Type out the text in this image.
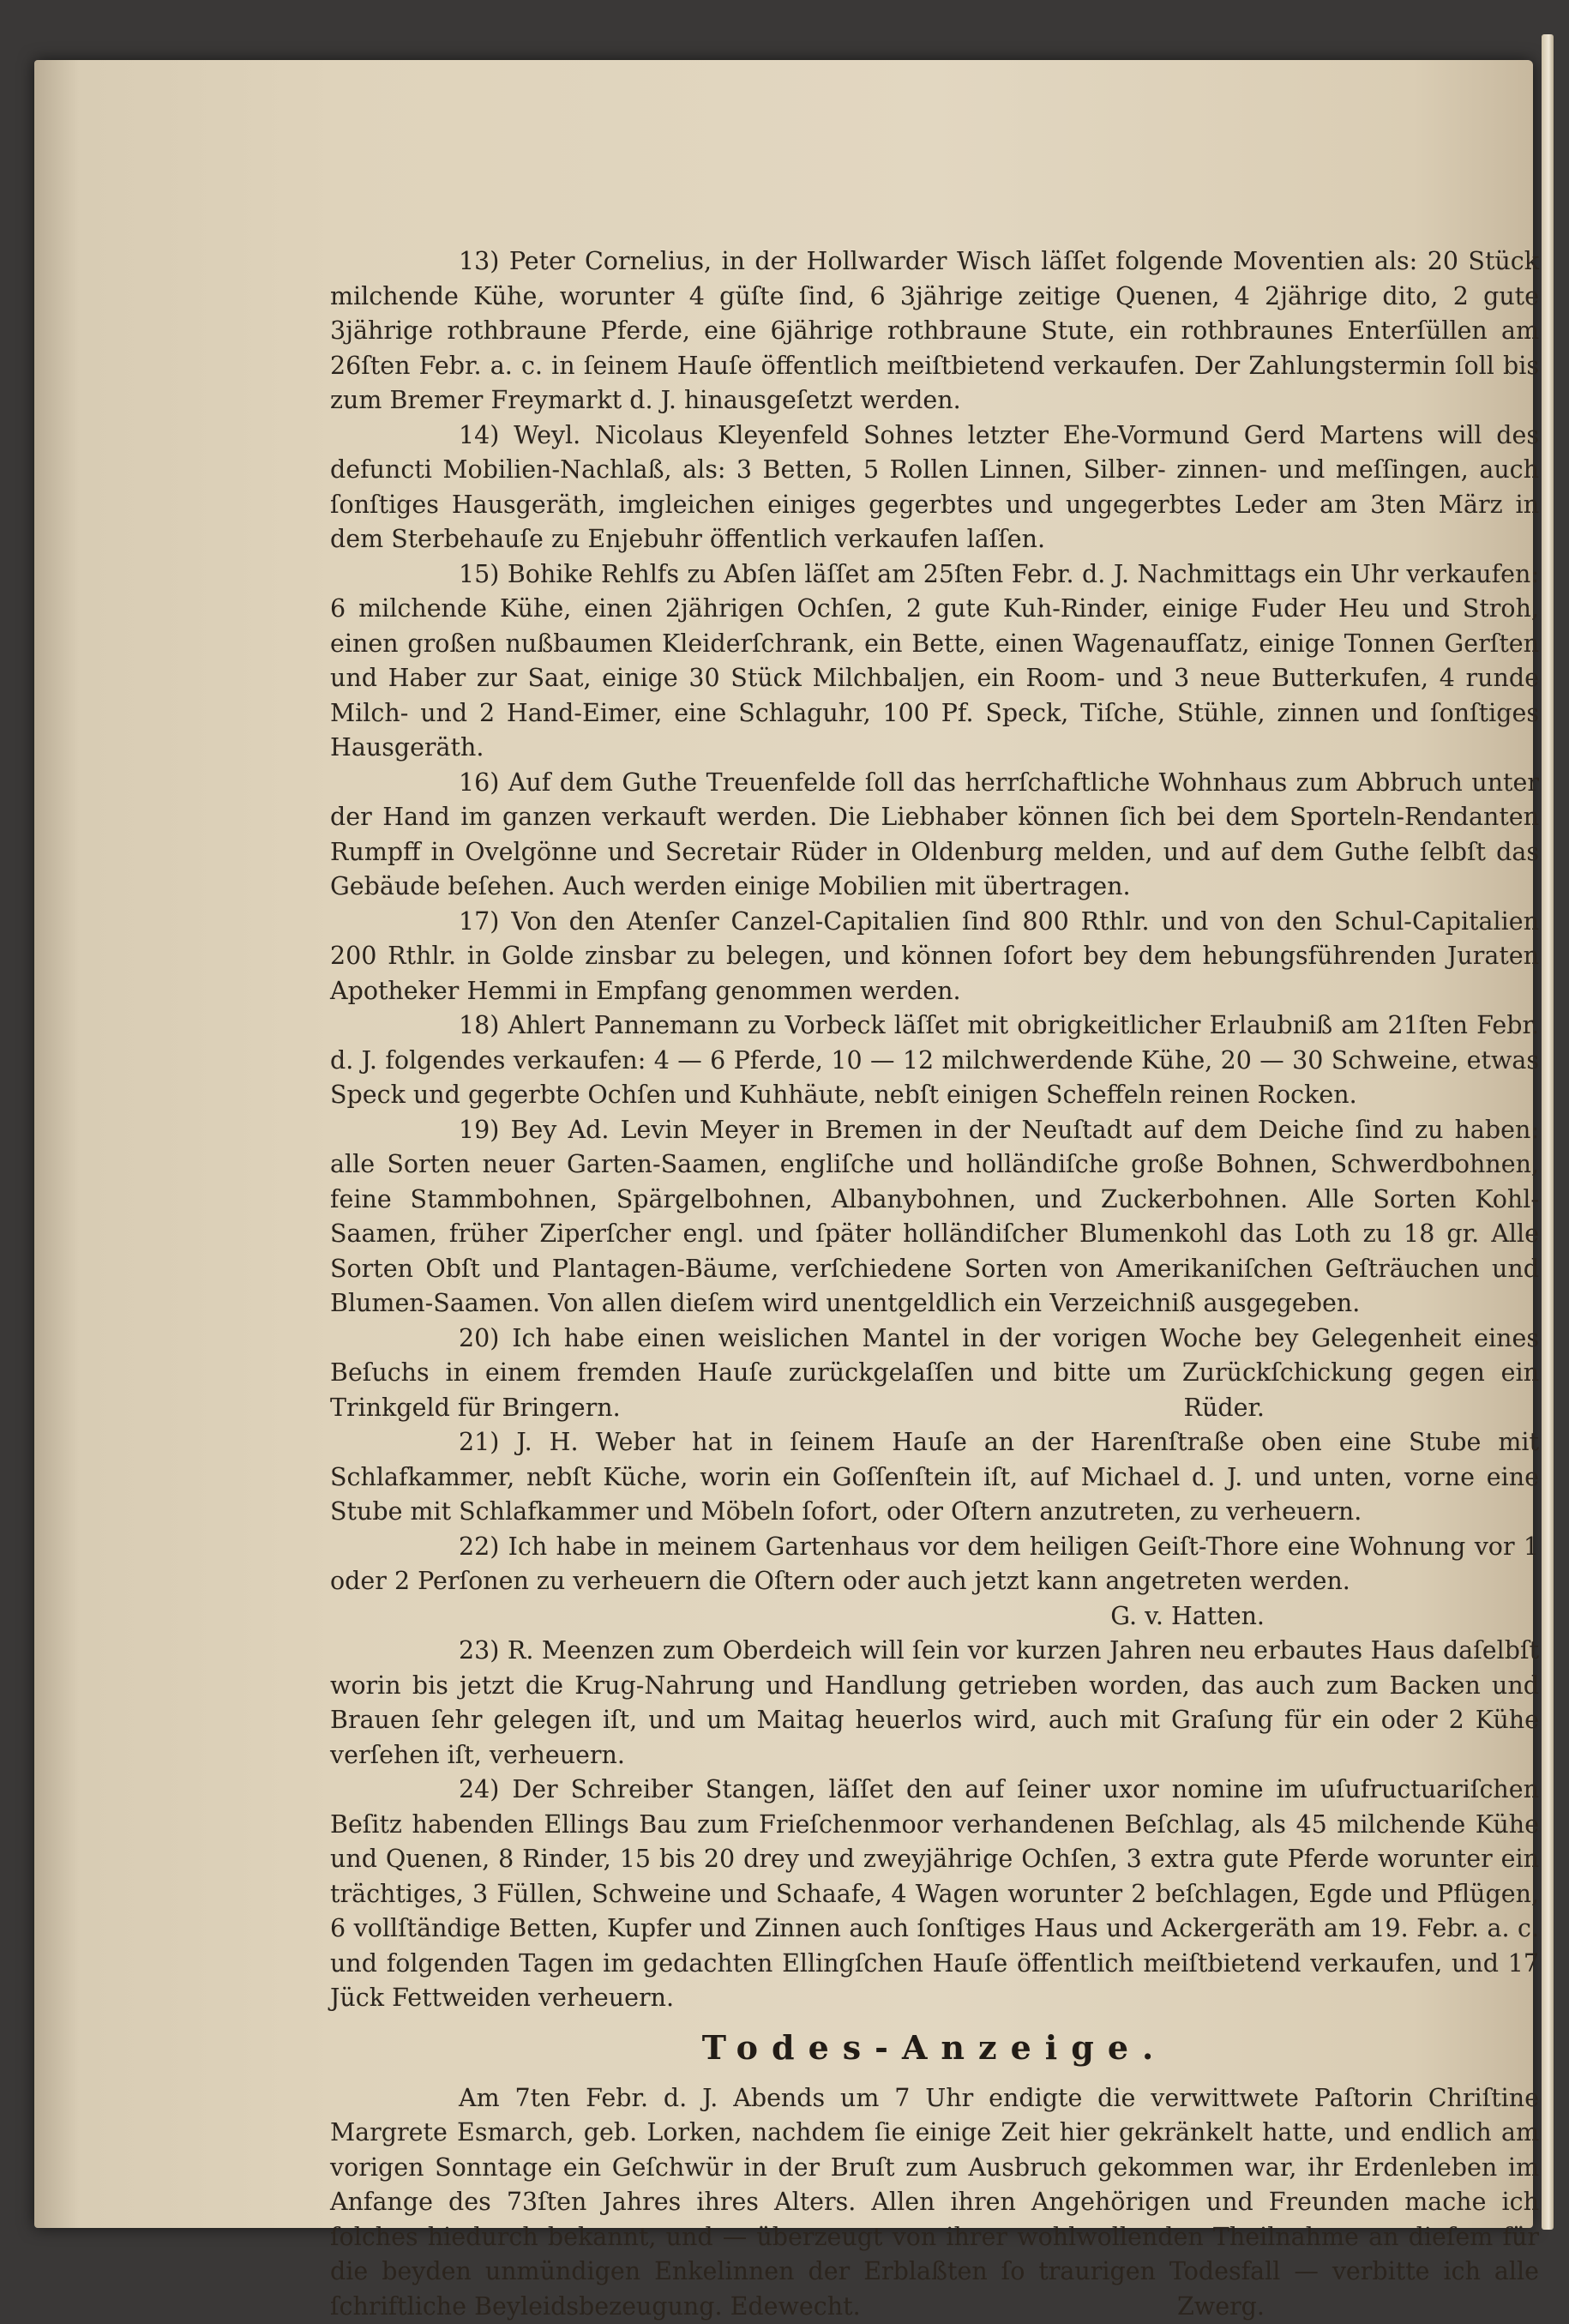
13) Peter Cornelius, in der Hollwarder Wisch läſſet folgende Moventien als: 20 Stück milchende Kühe, worunter 4 güſte ſind, 6 3jährige zeitige Quenen, 4 2jährige dito, 2 gute 3jährige rothbraune Pferde, eine 6jährige rothbraune Stute, ein rothbraunes Enterſüllen am 26ſten Febr. a. c. in ſeinem Hauſe öffentlich meiſtbietend verkaufen. Der Zahlungstermin ſoll bis zum Bremer Freymarkt d. J. hinausgeſetzt werden.

14) Weyl. Nicolaus Kleyenfeld Sohnes letzter Ehe-Vormund Gerd Martens will des defuncti Mobilien-Nachlaß, als: 3 Betten, 5 Rollen Linnen, Silber- zinnen- und meſſingen, auch ſonſtiges Hausgeräth, imgleichen einiges gegerbtes und ungegerbtes Leder am 3ten März in dem Sterbehauſe zu Enjebuhr öffentlich verkaufen laſſen.

15) Bohike Rehlfs zu Abſen läſſet am 25ſten Febr. d. J. Nachmittags ein Uhr verkaufen: 6 milchende Kühe, einen 2jährigen Ochſen, 2 gute Kuh-Rinder, einige Fuder Heu und Stroh, einen großen nußbaumen Kleiderſchrank, ein Bette, einen Wagenaufſatz, einige Tonnen Gerſten und Haber zur Saat, einige 30 Stück Milchbaljen, ein Room- und 3 neue Butterkufen, 4 runde Milch- und 2 Hand-Eimer, eine Schlaguhr, 100 Pf. Speck, Tiſche, Stühle, zinnen und ſonſtiges Hausgeräth.

16) Auf dem Guthe Treuenfelde ſoll das herrſchaftliche Wohnhaus zum Abbruch unter der Hand im ganzen verkauft werden. Die Liebhaber können ſich bei dem Sporteln-Rendanten Rumpff in Ovelgönne und Secretair Rüder in Oldenburg melden, und auf dem Guthe ſelbſt das Gebäude beſehen. Auch werden einige Mobilien mit übertragen.

17) Von den Atenſer Canzel-Capitalien ſind 800 Rthlr. und von den Schul-Capitalien 200 Rthlr. in Golde zinsbar zu belegen, und können ſofort bey dem hebungsführenden Juraten Apotheker Hemmi in Empfang genommen werden.

18) Ahlert Pannemann zu Vorbeck läſſet mit obrigkeitlicher Erlaubniß am 21ſten Febr. d. J. folgendes verkaufen: 4 — 6 Pferde, 10 — 12 milchwerdende Kühe, 20 — 30 Schweine, etwas Speck und gegerbte Ochſen und Kuhhäute, nebſt einigen Scheffeln reinen Rocken.

19) Bey Ad. Levin Meyer in Bremen in der Neuſtadt auf dem Deiche ſind zu haben: alle Sorten neuer Garten-Saamen, engliſche und holländiſche große Bohnen, Schwerdbohnen, feine Stammbohnen, Spärgelbohnen, Albanybohnen, und Zuckerbohnen. Alle Sorten Kohl-Saamen, früher Ziperſcher engl. und ſpäter holländiſcher Blumenkohl das Loth zu 18 gr. Alle Sorten Obſt und Plantagen-Bäume, verſchiedene Sorten von Amerikaniſchen Geſträuchen und Blumen-Saamen. Von allen dieſem wird unentgeldlich ein Verzeichniß ausgegeben.

20) Ich habe einen weislichen Mantel in der vorigen Woche bey Gelegenheit eines Beſuchs in einem fremden Hauſe zurückgelaſſen und bitte um Zurückſchickung gegen ein Trinkgeld für Bringern.	Rüder.

21) J. H. Weber hat in ſeinem Hauſe an der Harenſtraße oben eine Stube mit Schlafkammer, nebſt Küche, worin ein Goſſenſtein iſt, auf Michael d. J. und unten, vorne eine Stube mit Schlafkammer und Möbeln ſofort, oder Oſtern anzutreten, zu verheuern.

22) Ich habe in meinem Gartenhaus vor dem heiligen Geiſt-Thore eine Wohnung vor 1 oder 2 Perſonen zu verheuern die Oſtern oder auch jetzt kann angetreten werden.

G. v. Hatten.

23) R. Meenzen zum Oberdeich will ſein vor kurzen Jahren neu erbautes Haus daſelbſt worin bis jetzt die Krug-Nahrung und Handlung getrieben worden, das auch zum Backen und Brauen ſehr gelegen iſt, und um Maitag heuerlos wird, auch mit Graſung für ein oder 2 Kühe verſehen iſt, verheuern.

24) Der Schreiber Stangen, läſſet den auf ſeiner uxor nomine im uſufructuariſchen Beſitz habenden Ellings Bau zum Frieſchenmoor verhandenen Beſchlag, als 45 milchende Kühe und Quenen, 8 Rinder, 15 bis 20 drey und zweyjährige Ochſen, 3 extra gute Pferde worunter ein trächtiges, 3 Füllen, Schweine und Schaafe, 4 Wagen worunter 2 beſchlagen, Egde und Pflügen, 6 vollſtändige Betten, Kupfer und Zinnen auch ſonſtiges Haus und Ackergeräth am 19. Febr. a. c. und folgenden Tagen im gedachten Ellingſchen Hauſe öffentlich meiſtbietend verkaufen, und 17 Jück Fettweiden verheuern.

Todes-Anzeige.

Am 7ten Febr. d. J. Abends um 7 Uhr endigte die verwittwete Paſtorin Chriſtine Margrete Esmarch, geb. Lorken, nachdem ſie einige Zeit hier gekränkelt hatte, und endlich am vorigen Sonntage ein Geſchwür in der Bruſt zum Ausbruch gekommen war, ihr Erdenleben im Anfange des 73ſten Jahres ihres Alters. Allen ihren Angehörigen und Freunden mache ich ſolches hiedurch bekannt, und — überzeugt von ihrer wohlwollenden Theilnahme an dieſem für die beyden unmündigen Enkelinnen der Erblaßten ſo traurigen Todesfall — verbitte ich alle ſchriftliche Beyleidsbezeugung. Edewecht.	Zwerg.
